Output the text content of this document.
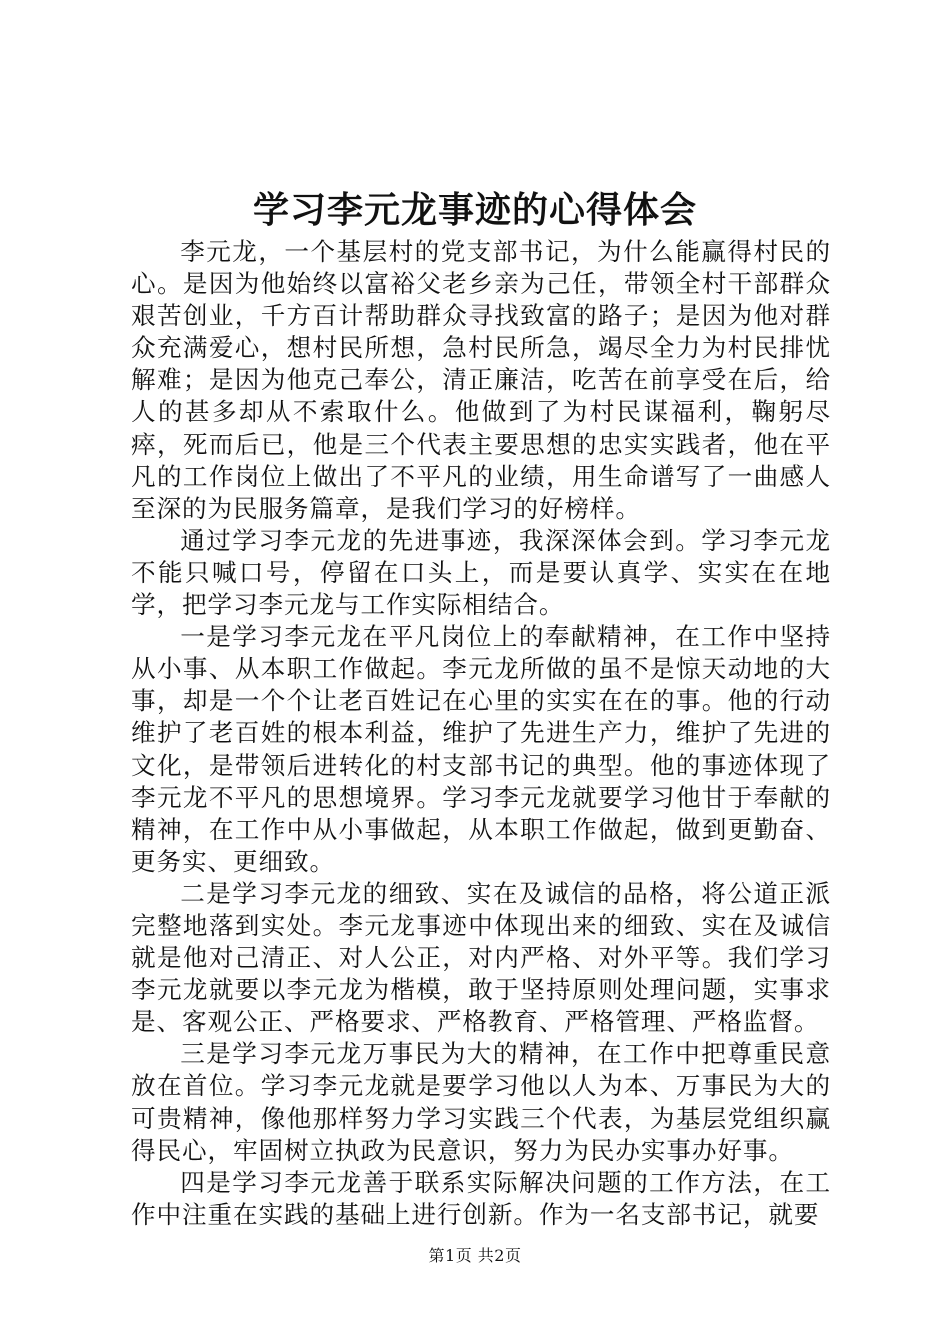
学习李元龙事迹的心得体会

李元龙，一个基层村的党支部书记，为什么能赢得村民的心。是因为他始终以富裕父老乡亲为己任，带领全村干部群众艰苦创业，千方百计帮助群众寻找致富的路子；是因为他对群众充满爱心，想村民所想，急村民所急，竭尽全力为村民排忧解难；是因为他克己奉公，清正廉洁，吃苦在前享受在后，给人的甚多却从不索取什么。他做到了为村民谋福利，鞠躬尽瘁，死而后已，他是三个代表主要思想的忠实实践者，他在平凡的工作岗位上做出了不平凡的业绩，用生命谱写了一曲感人至深的为民服务篇章，是我们学习的好榜样。

通过学习李元龙的先进事迹，我深深体会到。学习李元龙不能只喊口号，停留在口头上，而是要认真学、实实在在地学，把学习李元龙与工作实际相结合。

一是学习李元龙在平凡岗位上的奉献精神，在工作中坚持从小事、从本职工作做起。李元龙所做的虽不是惊天动地的大事，却是一个个让老百姓记在心里的实实在在的事。他的行动维护了老百姓的根本利益，维护了先进生产力，维护了先进的文化，是带领后进转化的村支部书记的典型。他的事迹体现了李元龙不平凡的思想境界。学习李元龙就要学习他甘于奉献的精神，在工作中从小事做起，从本职工作做起，做到更勤奋、更务实、更细致。

二是学习李元龙的细致、实在及诚信的品格，将公道正派完整地落到实处。李元龙事迹中体现出来的细致、实在及诚信就是他对己清正、对人公正，对内严格、对外平等。我们学习李元龙就要以李元龙为楷模，敢于坚持原则处理问题，实事求是、客观公正、严格要求、严格教育、严格管理、严格监督。

三是学习李元龙万事民为大的精神，在工作中把尊重民意放在首位。学习李元龙就是要学习他以人为本、万事民为大的可贵精神，像他那样努力学习实践三个代表，为基层党组织赢得民心，牢固树立执政为民意识，努力为民办实事办好事。

四是学习李元龙善于联系实际解决问题的工作方法，在工作中注重在实践的基础上进行创新。作为一名支部书记，就要

第1页 共2页
